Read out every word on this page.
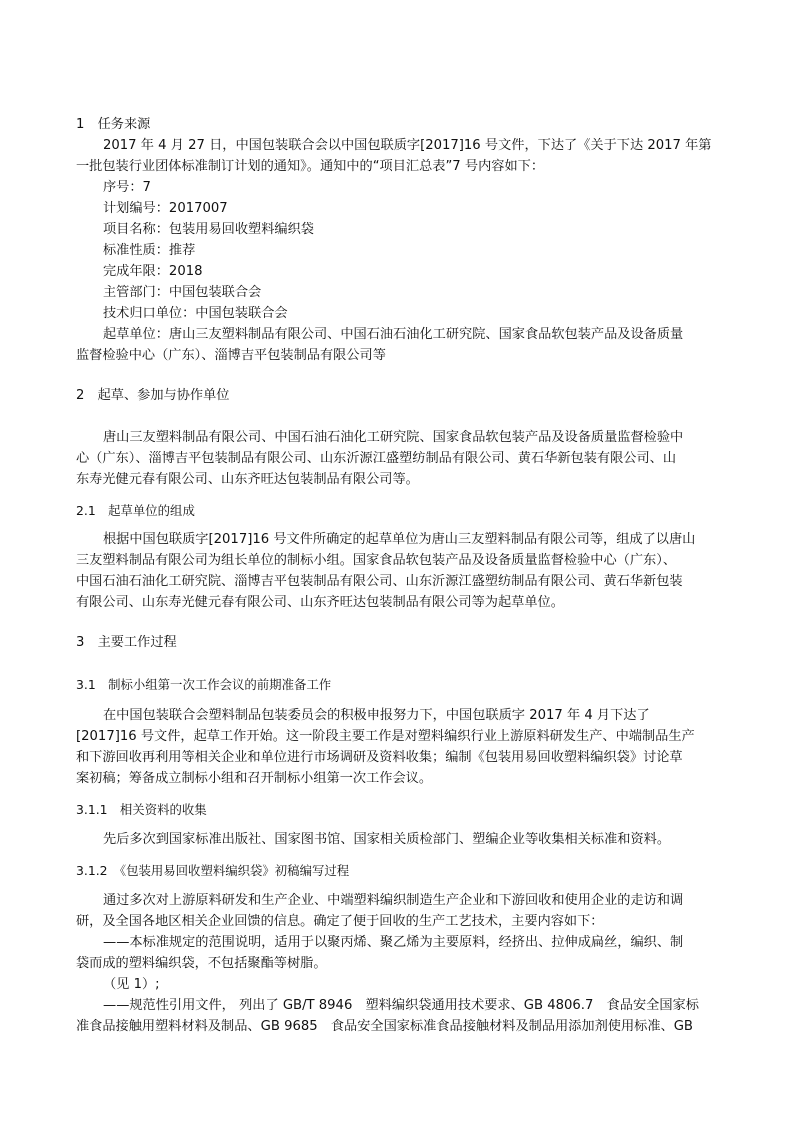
1　任务来源
2017 年 4 月 27 日，中国包装联合会以中国包联质字[2017]16 号文件，下达了《关于下达 2017 年第
一批包装行业团体标准制订计划的通知》。通知中的“项目汇总表”7 号内容如下：
序号：7
计划编号：2017007
项目名称：包装用易回收塑料编织袋
标准性质：推荐
完成年限：2018
主管部门：中国包装联合会
技术归口单位：中国包装联合会
起草单位：唐山三友塑料制品有限公司、中国石油石油化工研究院、国家食品软包装产品及设备质量
监督检验中心（广东）、淄博吉平包装制品有限公司等
2　起草、参加与协作单位
唐山三友塑料制品有限公司、中国石油石油化工研究院、国家食品软包装产品及设备质量监督检验中
心（广东）、淄博吉平包装制品有限公司、山东沂源江盛塑纺制品有限公司、黄石华新包装有限公司、山
东寿光健元春有限公司、山东齐旺达包装制品有限公司等。
2.1　起草单位的组成
根据中国包联质字[2017]16 号文件所确定的起草单位为唐山三友塑料制品有限公司等，组成了以唐山
三友塑料制品有限公司为组长单位的制标小组。国家食品软包装产品及设备质量监督检验中心（广东）、
中国石油石油化工研究院、淄博吉平包装制品有限公司、山东沂源江盛塑纺制品有限公司、黄石华新包装
有限公司、山东寿光健元春有限公司、山东齐旺达包装制品有限公司等为起草单位。
3　主要工作过程
3.1　制标小组第一次工作会议的前期准备工作
在中国包装联合会塑料制品包装委员会的积极申报努力下，中国包联质字 2017 年 4 月下达了
[2017]16 号文件，起草工作开始。这一阶段主要工作是对塑料编织行业上游原料研发生产、中端制品生产
和下游回收再利用等相关企业和单位进行市场调研及资料收集；编制《包装用易回收塑料编织袋》讨论草
案初稿；筹备成立制标小组和召开制标小组第一次工作会议。
3.1.1　相关资料的收集
先后多次到国家标准出版社、国家图书馆、国家相关质检部门、塑编企业等收集相关标准和资料。
3.1.2　《包装用易回收塑料编织袋》初稿编写过程
通过多次对上游原料研发和生产企业、中端塑料编织制造生产企业和下游回收和使用企业的走访和调
研，及全国各地区相关企业回馈的信息。确定了便于回收的生产工艺技术，主要内容如下：
——本标准规定的范围说明，适用于以聚丙烯、聚乙烯为主要原料，经挤出、拉伸成扁丝，编织、制
袋而成的塑料编织袋，不包括聚酯等树脂。
（见 1）;
——规范性引用文件， 列出了 GB/T 8946　塑料编织袋通用技术要求、GB 4806.7　食品安全国家标
准食品接触用塑料材料及制品、GB 9685　食品安全国家标准食品接触材料及制品用添加剂使用标准、GB
